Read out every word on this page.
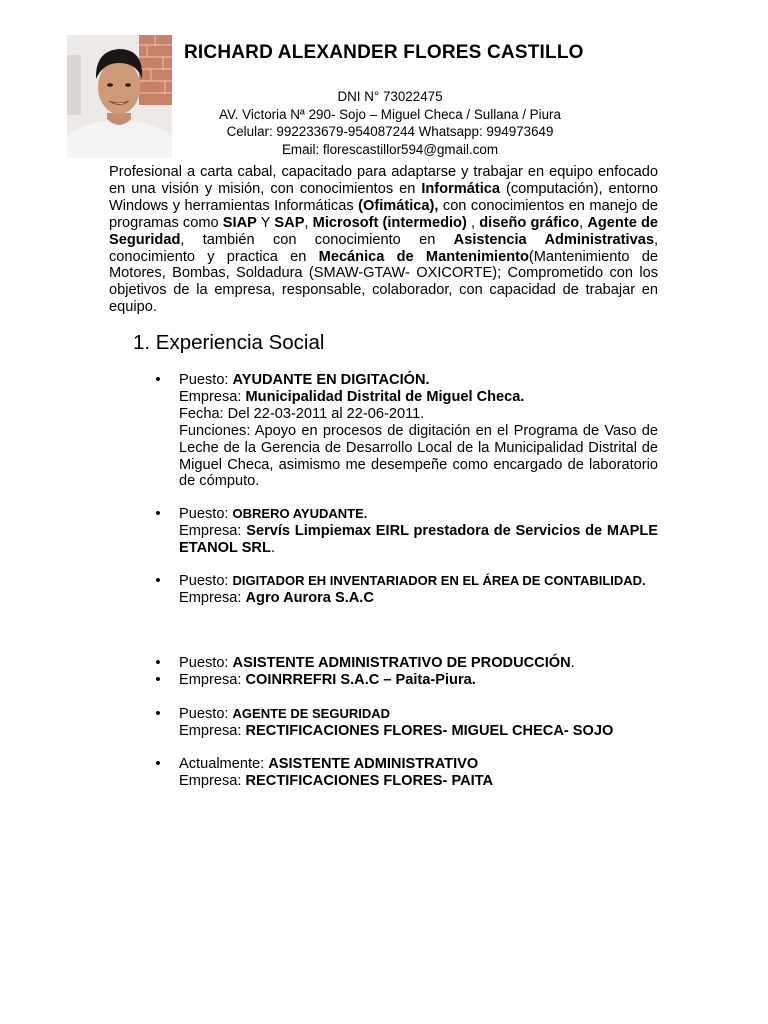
RICHARD ALEXANDER FLORES CASTILLO
DNI N° 73022475
AV. Victoria Nª 290- Sojo – Miguel Checa / Sullana / Piura
Celular: 992233679-954087244 Whatsapp: 994973649
Email: florescastillor594@gmail.com

Profesional a carta cabal, capacitado para adaptarse y trabajar en equipo enfocado en una visión y misión, con conocimientos en Informática (computación), entorno Windows y herramientas Informáticas (Ofimática), con conocimientos en manejo de programas como SIAP Y SAP, Microsoft (intermedio) , diseño gráfico, Agente de Seguridad, también con conocimiento en Asistencia Administrativas, conocimiento y practica en Mecánica de Mantenimiento(Mantenimiento de Motores, Bombas, Soldadura (SMAW-GTAW- OXICORTE); Comprometido con los objetivos de la empresa, responsable, colaborador, con capacidad de trabajar en equipo.

1. Experiencia Social
• Puesto: AYUDANTE EN DIGITACIÓN.
Empresa: Municipalidad Distrital de Miguel Checa.
Fecha: Del 22-03-2011 al 22-06-2011.
Funciones: Apoyo en procesos de digitación en el Programa de Vaso de Leche de la Gerencia de Desarrollo Local de la Municipalidad Distrital de Miguel Checa, asimismo me desempeñe como encargado de laboratorio de cómputo.
• Puesto: OBRERO AYUDANTE.
Empresa: Servís Limpiemax EIRL prestadora de Servicios de MAPLE ETANOL SRL.
• Puesto: DIGITADOR EH INVENTARIADOR EN EL ÁREA DE CONTABILIDAD.
Empresa: Agro Aurora S.A.C
•
•
Puesto: ASISTENTE ADMINISTRATIVO DE PRODUCCIÓN.
Empresa: COINRREFRI S.A.C – Paita-Piura.
• Puesto: AGENTE DE SEGURIDAD
Empresa: RECTIFICACIONES FLORES- MIGUEL CHECA- SOJO
• Actualmente: ASISTENTE ADMINISTRATIVO
Empresa: RECTIFICACIONES FLORES- PAITA
